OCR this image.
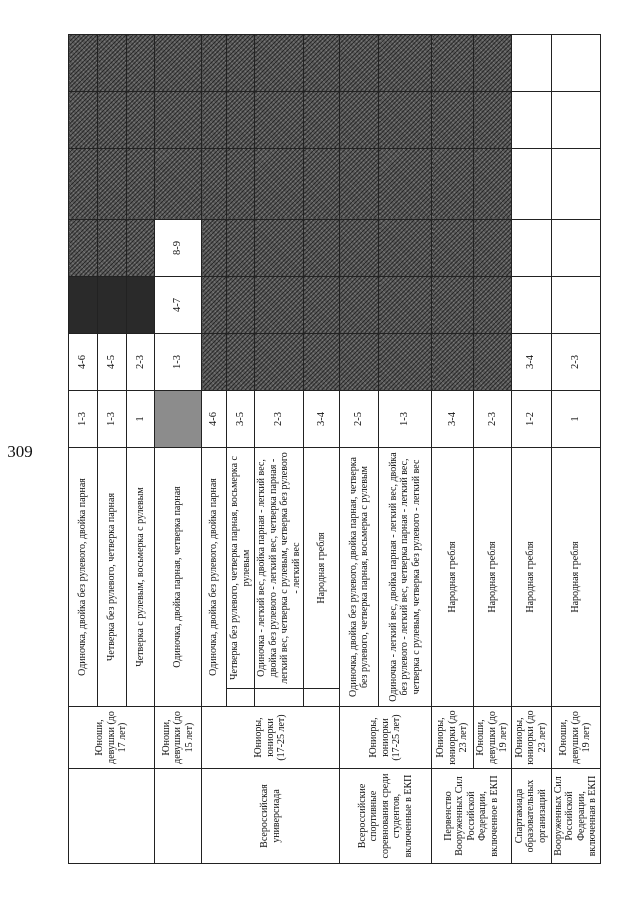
309
	Юноши, девушки (до 17 лет)	Одиночка, двойка без рулевого, двойка парная		1-3	4-6					
		Четверка без рулевого, четверка парная		1-3	4-5					
		Четверка с рулевым, восьмерка с рулевым		1	2-3					
	Юноши, девушки (до 15 лет)	Одиночка, двойка парная, четверка парная			1-3	4-7	8-9			
Всероссийская универсиада	Юниоры, юниорки (17-25 лет)	Одиночка, двойка без рулевого, двойка парная		4-6						
			Четверка без рулевого, четверка парная, восьмерка с рулевым	3-5						
			Одиночка - легкий вес, двойка парная - легкий вес, двойка без рулевого - легкий вес, четверка парная - легкий вес, четверка с рулевым, четверка без рулевого - легкий вес	2-3						
			Народная гребля	3-4						
Всероссийские спортивные соревнования среди студентов, включенные в ЕКП	Юниоры, юниорки (17-25 лет)	Одиночка, двойка без рулевого, двойка парная, четверка без рулевого, четверка парная, восьмерка с рулевым		2-5						
		Одиночка - легкий вес, двойка парная - легкий вес, двойка без рулевого - легкий вес, четверка парная - легкий вес, четверка с рулевым, четверка без рулевого - легкий вес		1-3						
Первенство Вооруженных Сил Российской Федерации, включенное в ЕКП	Юниоры, юниорки (до 23 лет)	Народная гребля		3-4						
	Юноши, девушки (до 19 лет)	Народная гребля		2-3						
Спартакиада образовательных организаций	Юниоры, юниорки (до 23 лет)	Народная гребля		1-2	3-4					
Вооруженных Сил Российской Федерации, включенная в ЕКП	Юноши, девушки (до 19 лет)	Народная гребля		1	2-3					
